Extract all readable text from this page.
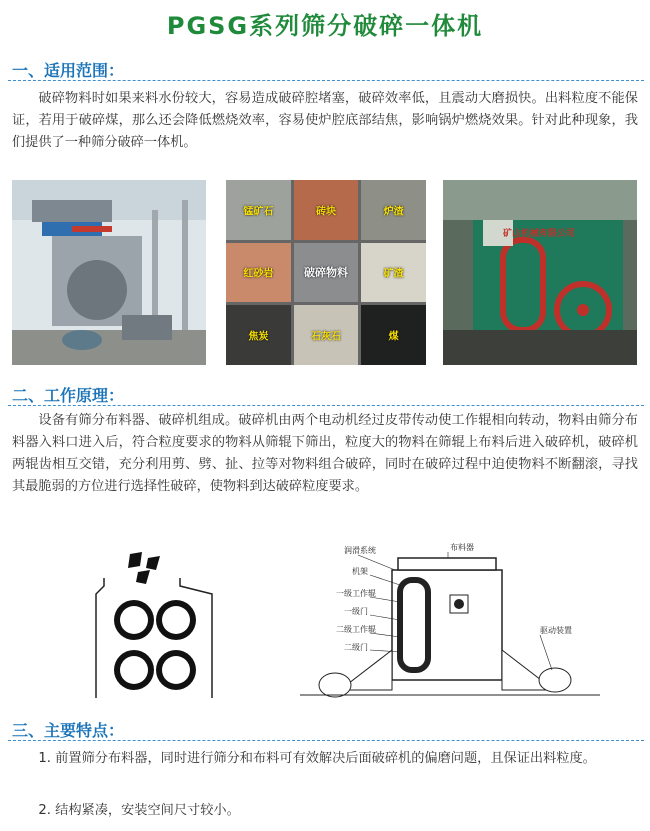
PGSG系列筛分破碎一体机
一、适用范围：
破碎物料时如果来料水份较大，容易造成破碎腔堵塞，破碎效率低，且震动大磨损快。出料粒度不能保证，若用于破碎煤，那么还会降低燃烧效率，容易使炉腔底部结焦，影响锅炉燃烧效果。针对此种现象，我们提供了一种筛分破碎一体机。
锰矿石	砖块	炉渣
红砂岩	破碎物料	矿渣
焦炭	石灰石	煤
矿山机械有限公司
二、工作原理：
设备有筛分布料器、破碎机组成。破碎机由两个电动机经过皮带传动使工作辊相向转动，物料由筛分布料器入料口进入后，符合粒度要求的物料从筛辊下筛出，粒度大的物料在筛辊上布料后进入破碎机，破碎机两辊齿相互交错，充分利用剪、劈、扯、拉等对物料组合破碎，同时在破碎过程中迫使物料不断翻滚，寻找其最脆弱的方位进行选择性破碎，使物料到达破碎粒度要求。
润滑系统
机架
一级工作辊
一级门
二级工作辊
二级门
布料器
驱动装置
三、主要特点：
1. 前置筛分布料器，同时进行筛分和布料可有效解决后面破碎机的偏磨问题，且保证出料粒度。
2. 结构紧凑，安装空间尺寸较小。
